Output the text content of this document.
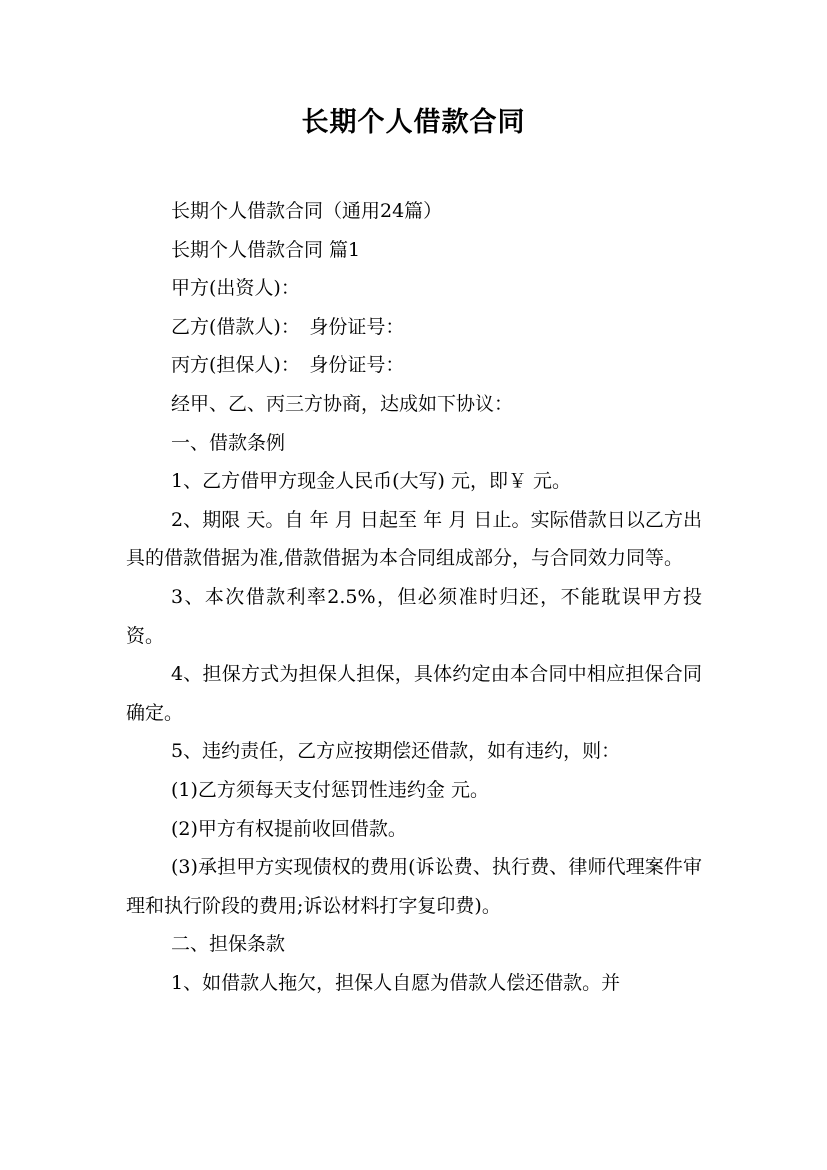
长期个人借款合同

长期个人借款合同（通用24篇）

长期个人借款合同 篇1

甲方(出资人)：

乙方(借款人)：　身份证号：

丙方(担保人)：　身份证号：

经甲、乙、丙三方协商，达成如下协议：

一、借款条例

1、乙方借甲方现金人民币(大写) 元，即￥ 元。

2、期限 天。自 年 月 日起至 年 月 日止。实际借款日以乙方出具的借款借据为准,借款借据为本合同组成部分，与合同效力同等。

3、本次借款利率2.5%，但必须准时归还，不能耽误甲方投资。

4、担保方式为担保人担保，具体约定由本合同中相应担保合同确定。

5、违约责任，乙方应按期偿还借款，如有违约，则：

(1)乙方须每天支付惩罚性违约金 元。

(2)甲方有权提前收回借款。

(3)承担甲方实现债权的费用(诉讼费、执行费、律师代理案件审理和执行阶段的费用;诉讼材料打字复印费)。

二、担保条款

1、如借款人拖欠，担保人自愿为借款人偿还借款。并
